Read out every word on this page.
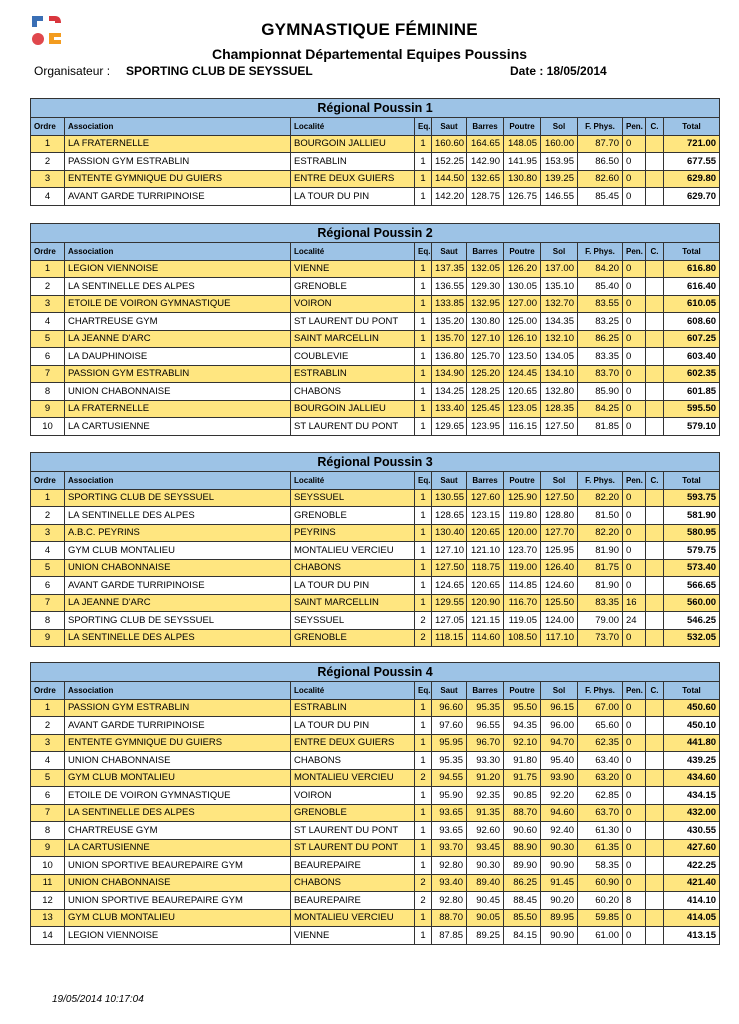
GYMNASTIQUE FÉMININE
Championnat Départemental Equipes Poussins
Organisateur : SPORTING CLUB DE SEYSSUEL	Date : 18/05/2014
Régional Poussin 1											
Ordre	Association	Localité	Eq.	Saut	Barres	Poutre	Sol	F. Phys.	Pen.	C.	Total
1	LA FRATERNELLE	BOURGOIN JALLIEU	1	160.60	164.65	148.05	160.00	87.70	0		721.00
2	PASSION GYM ESTRABLIN	ESTRABLIN	1	152.25	142.90	141.95	153.95	86.50	0		677.55
3	ENTENTE GYMNIQUE DU GUIERS	ENTRE DEUX GUIERS	1	144.50	132.65	130.80	139.25	82.60	0		629.80
4	AVANT GARDE TURRIPINOISE	LA TOUR DU PIN	1	142.20	128.75	126.75	146.55	85.45	0		629.70
Régional Poussin 2											
Ordre	Association	Localité	Eq.	Saut	Barres	Poutre	Sol	F. Phys.	Pen.	C.	Total
1	LEGION VIENNOISE	VIENNE	1	137.35	132.05	126.20	137.00	84.20	0		616.80
2	LA SENTINELLE DES ALPES	GRENOBLE	1	136.55	129.30	130.05	135.10	85.40	0		616.40
3	ETOILE DE VOIRON GYMNASTIQUE	VOIRON	1	133.85	132.95	127.00	132.70	83.55	0		610.05
4	CHARTREUSE GYM	ST LAURENT DU PONT	1	135.20	130.80	125.00	134.35	83.25	0		608.60
5	LA JEANNE D'ARC	SAINT MARCELLIN	1	135.70	127.10	126.10	132.10	86.25	0		607.25
6	LA DAUPHINOISE	COUBLEVIE	1	136.80	125.70	123.50	134.05	83.35	0		603.40
7	PASSION GYM ESTRABLIN	ESTRABLIN	1	134.90	125.20	124.45	134.10	83.70	0		602.35
8	UNION CHABONNAISE	CHABONS	1	134.25	128.25	120.65	132.80	85.90	0		601.85
9	LA FRATERNELLE	BOURGOIN JALLIEU	1	133.40	125.45	123.05	128.35	84.25	0		595.50
10	LA CARTUSIENNE	ST LAURENT DU PONT	1	129.65	123.95	116.15	127.50	81.85	0		579.10
Régional Poussin 3											
Ordre	Association	Localité	Eq.	Saut	Barres	Poutre	Sol	F. Phys.	Pen.	C.	Total
1	SPORTING CLUB DE SEYSSUEL	SEYSSUEL	1	130.55	127.60	125.90	127.50	82.20	0		593.75
2	LA SENTINELLE DES ALPES	GRENOBLE	1	128.65	123.15	119.80	128.80	81.50	0		581.90
3	A.B.C. PEYRINS	PEYRINS	1	130.40	120.65	120.00	127.70	82.20	0		580.95
4	GYM CLUB MONTALIEU	MONTALIEU VERCIEU	1	127.10	121.10	123.70	125.95	81.90	0		579.75
5	UNION CHABONNAISE	CHABONS	1	127.50	118.75	119.00	126.40	81.75	0		573.40
6	AVANT GARDE TURRIPINOISE	LA TOUR DU PIN	1	124.65	120.65	114.85	124.60	81.90	0		566.65
7	LA JEANNE D'ARC	SAINT MARCELLIN	1	129.55	120.90	116.70	125.50	83.35	16		560.00
8	SPORTING CLUB DE SEYSSUEL	SEYSSUEL	2	127.05	121.15	119.05	124.00	79.00	24		546.25
9	LA SENTINELLE DES ALPES	GRENOBLE	2	118.15	114.60	108.50	117.10	73.70	0		532.05
Régional Poussin 4											
Ordre	Association	Localité	Eq.	Saut	Barres	Poutre	Sol	F. Phys.	Pen.	C.	Total
1	PASSION GYM ESTRABLIN	ESTRABLIN	1	96.60	95.35	95.50	96.15	67.00	0		450.60
2	AVANT GARDE TURRIPINOISE	LA TOUR DU PIN	1	97.60	96.55	94.35	96.00	65.60	0		450.10
3	ENTENTE GYMNIQUE DU GUIERS	ENTRE DEUX GUIERS	1	95.95	96.70	92.10	94.70	62.35	0		441.80
4	UNION CHABONNAISE	CHABONS	1	95.35	93.30	91.80	95.40	63.40	0		439.25
5	GYM CLUB MONTALIEU	MONTALIEU VERCIEU	2	94.55	91.20	91.75	93.90	63.20	0		434.60
6	ETOILE DE VOIRON GYMNASTIQUE	VOIRON	1	95.90	92.35	90.85	92.20	62.85	0		434.15
7	LA SENTINELLE DES ALPES	GRENOBLE	1	93.65	91.35	88.70	94.60	63.70	0		432.00
8	CHARTREUSE GYM	ST LAURENT DU PONT	1	93.65	92.60	90.60	92.40	61.30	0		430.55
9	LA CARTUSIENNE	ST LAURENT DU PONT	1	93.70	93.45	88.90	90.30	61.35	0		427.60
10	UNION SPORTIVE BEAUREPAIRE GYM	BEAUREPAIRE	1	92.80	90.30	89.90	90.90	58.35	0		422.25
11	UNION CHABONNAISE	CHABONS	2	93.40	89.40	86.25	91.45	60.90	0		421.40
12	UNION SPORTIVE BEAUREPAIRE GYM	BEAUREPAIRE	2	92.80	90.45	88.45	90.20	60.20	8		414.10
13	GYM CLUB MONTALIEU	MONTALIEU VERCIEU	1	88.70	90.05	85.50	89.95	59.85	0		414.05
14	LEGION VIENNOISE	VIENNE	1	87.85	89.25	84.15	90.90	61.00	0		413.15
19/05/2014 10:17:04
